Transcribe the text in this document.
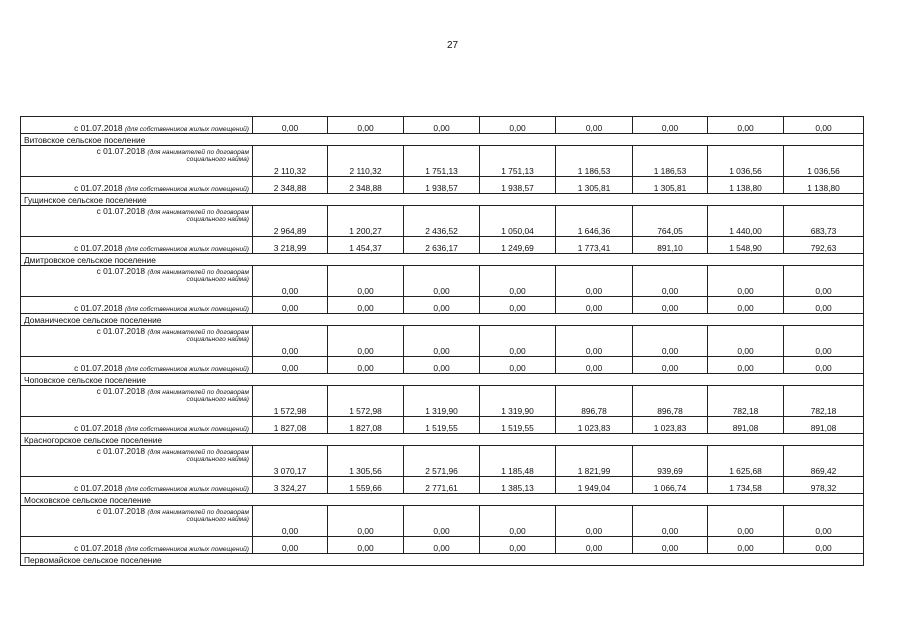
27
с 01.07.2018 (для собственников жилых помещений)	0,00	0,00	0,00	0,00	0,00	0,00	0,00	0,00
Витовское сельское поселение								

с 01.07.2018 (для нанимателей по договорам
социального найма)	2 110,32	2 110,32	1 751,13	1 751,13	1 186,53	1 186,53	1 036,56	1 036,56
с 01.07.2018 (для собственников жилых помещений)	2 348,88	2 348,88	1 938,57	1 938,57	1 305,81	1 305,81	1 138,80	1 138,80
Гущинское сельское поселение								

с 01.07.2018 (для нанимателей по договорам
социального найма)	2 964,89	1 200,27	2 436,52	1 050,04	1 646,36	764,05	1 440,00	683,73
с 01.07.2018 (для собственников жилых помещений)	3 218,99	1 454,37	2 636,17	1 249,69	1 773,41	891,10	1 548,90	792,63
Дмитровское сельское поселение								

с 01.07.2018 (для нанимателей по договорам
социального найма)	0,00	0,00	0,00	0,00	0,00	0,00	0,00	0,00
с 01.07.2018 (для собственников жилых помещений)	0,00	0,00	0,00	0,00	0,00	0,00	0,00	0,00
Доманическое сельское поселение								

с 01.07.2018 (для нанимателей по договорам
социального найма)	0,00	0,00	0,00	0,00	0,00	0,00	0,00	0,00
с 01.07.2018 (для собственников жилых помещений)	0,00	0,00	0,00	0,00	0,00	0,00	0,00	0,00
Чоповское сельское поселение								

с 01.07.2018 (для нанимателей по договорам
социального найма)	1 572,98	1 572,98	1 319,90	1 319,90	896,78	896,78	782,18	782,18
с 01.07.2018 (для собственников жилых помещений)	1 827,08	1 827,08	1 519,55	1 519,55	1 023,83	1 023,83	891,08	891,08
Красногорское сельское поселение								

с 01.07.2018 (для нанимателей по договорам
социального найма)	3 070,17	1 305,56	2 571,96	1 185,48	1 821,99	939,69	1 625,68	869,42
с 01.07.2018 (для собственников жилых помещений)	3 324,27	1 559,66	2 771,61	1 385,13	1 949,04	1 066,74	1 734,58	978,32
Московское сельское поселение								

с 01.07.2018 (для нанимателей по договорам
социального найма)	0,00	0,00	0,00	0,00	0,00	0,00	0,00	0,00
с 01.07.2018 (для собственников жилых помещений)	0,00	0,00	0,00	0,00	0,00	0,00	0,00	0,00
Первомайское сельское поселение								
